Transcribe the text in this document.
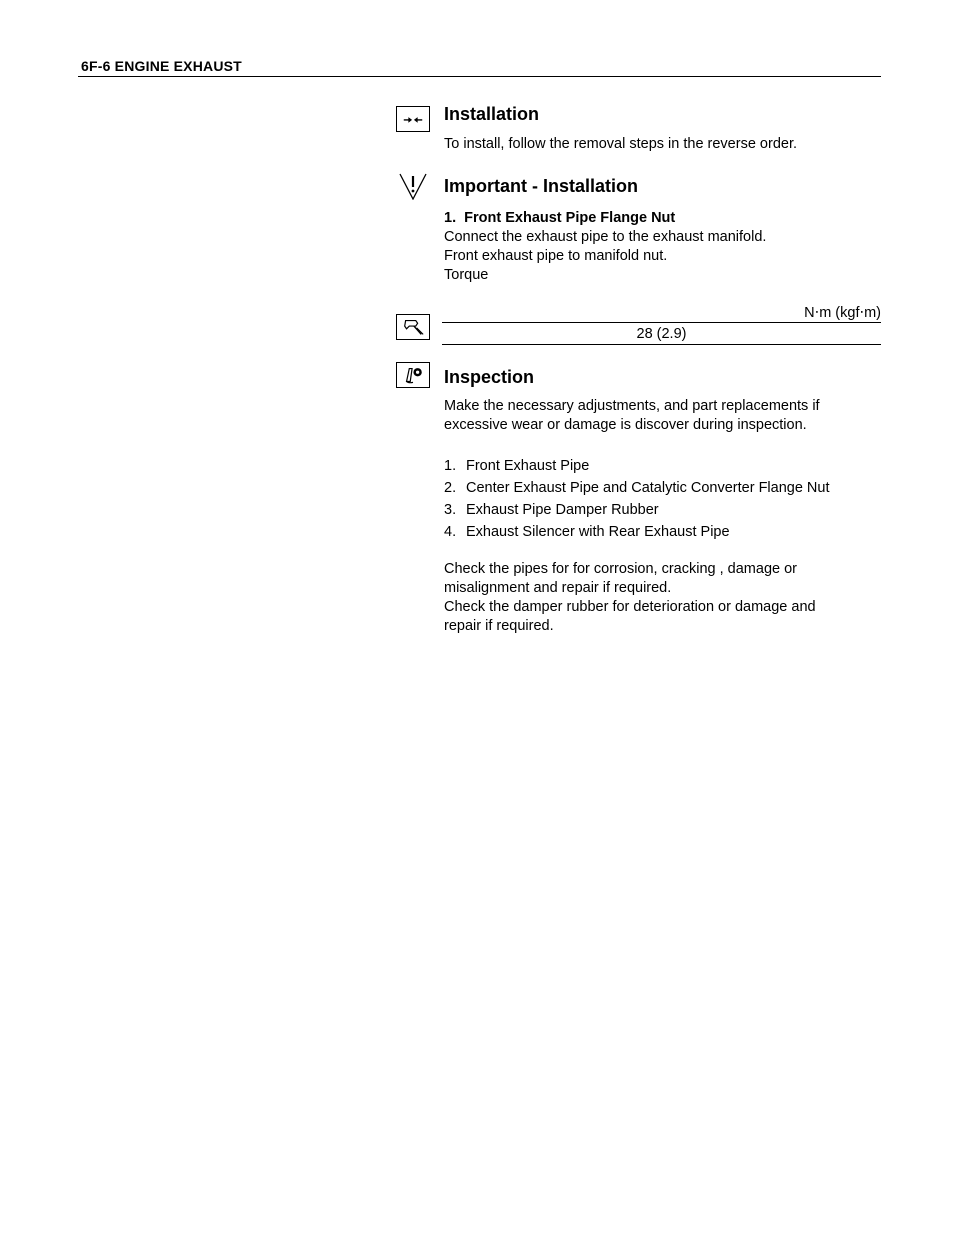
6F-6 ENGINE EXHAUST
Installation
To install, follow the removal steps in the reverse order.
Important - Installation
1.  Front Exhaust Pipe Flange Nut
Connect the exhaust pipe to the exhaust manifold.
Front exhaust pipe to manifold nut.
Torque
N⋅m (kgf⋅m)
28 (2.9)
Inspection
Make the necessary adjustments, and part replacements if
excessive wear or damage is discover during inspection.
1. Front Exhaust Pipe
2. Center Exhaust Pipe and Catalytic Converter Flange Nut
3. Exhaust Pipe Damper Rubber
4. Exhaust Silencer with Rear Exhaust Pipe
Check the pipes for for corrosion, cracking , damage or
misalignment and repair if required.
Check the damper rubber for deterioration or damage and
repair if required.
